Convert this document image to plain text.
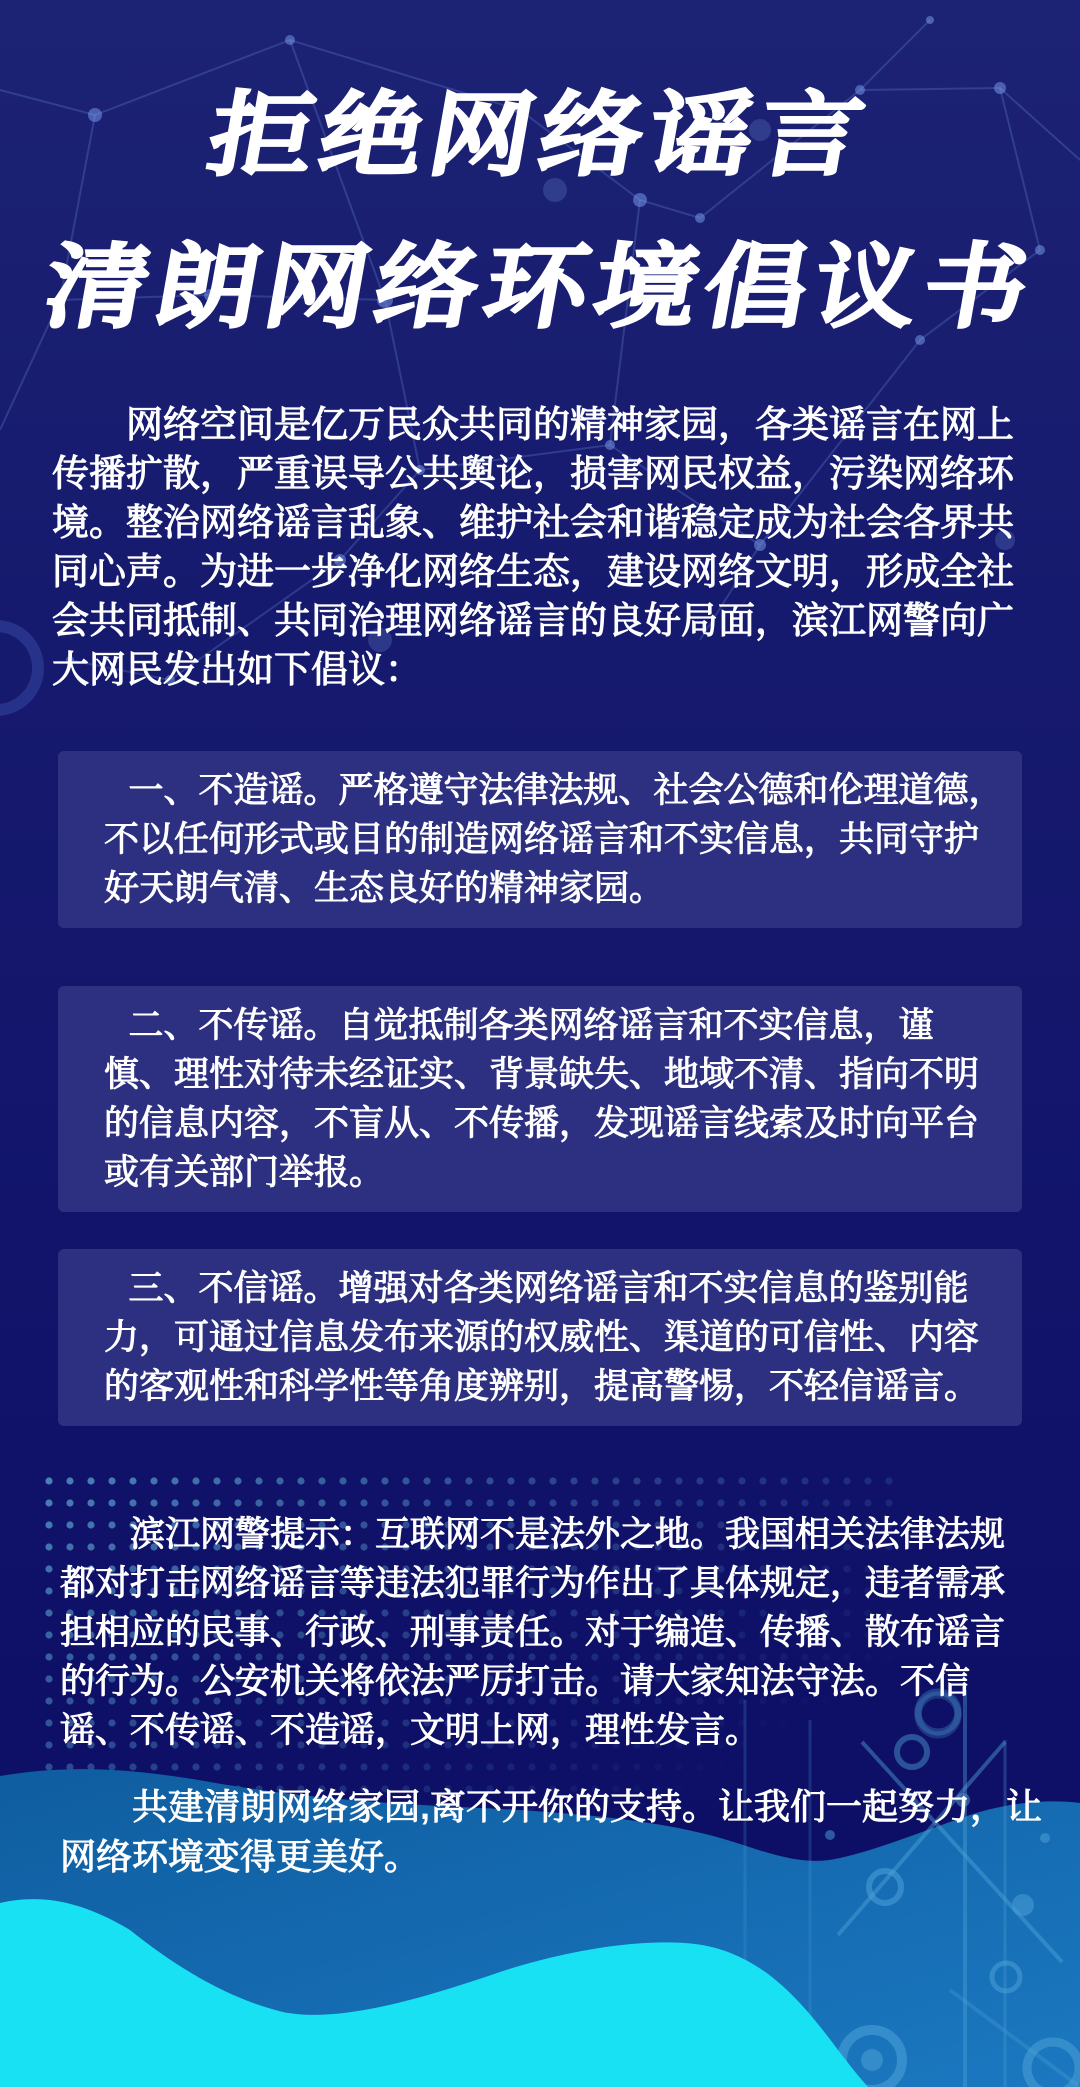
拒绝网络谣言
清朗网络环境倡议书
网络空间是亿万民众共同的精神家园，各类谣言在网上
传播扩散，严重误导公共舆论，损害网民权益，污染网络环
境。整治网络谣言乱象、维护社会和谐稳定成为社会各界共
同心声。为进一步净化网络生态，建设网络文明，形成全社
会共同抵制、共同治理网络谣言的良好局面，滨江网警向广
大网民发出如下倡议：
一、不造谣。严格遵守法律法规、社会公德和伦理道德，
不以任何形式或目的制造网络谣言和不实信息，共同守护
好天朗气清、生态良好的精神家园。
二、不传谣。自觉抵制各类网络谣言和不实信息，谨
慎、理性对待未经证实、背景缺失、地域不清、指向不明
的信息内容，不盲从、不传播，发现谣言线索及时向平台
或有关部门举报。
三、不信谣。增强对各类网络谣言和不实信息的鉴别能
力，可通过信息发布来源的权威性、渠道的可信性、内容
的客观性和科学性等角度辨别，提高警惕，不轻信谣言。
滨江网警提示：互联网不是法外之地。我国相关法律法规
都对打击网络谣言等违法犯罪行为作出了具体规定，违者需承
担相应的民事、行政、刑事责任。对于编造、传播、散布谣言
的行为。公安机关将依法严厉打击。请大家知法守法。不信
谣、不传谣、不造谣，文明上网，理性发言。
共建清朗网络家园,离不开你的支持。让我们一起努力，让
网络环境变得更美好。
